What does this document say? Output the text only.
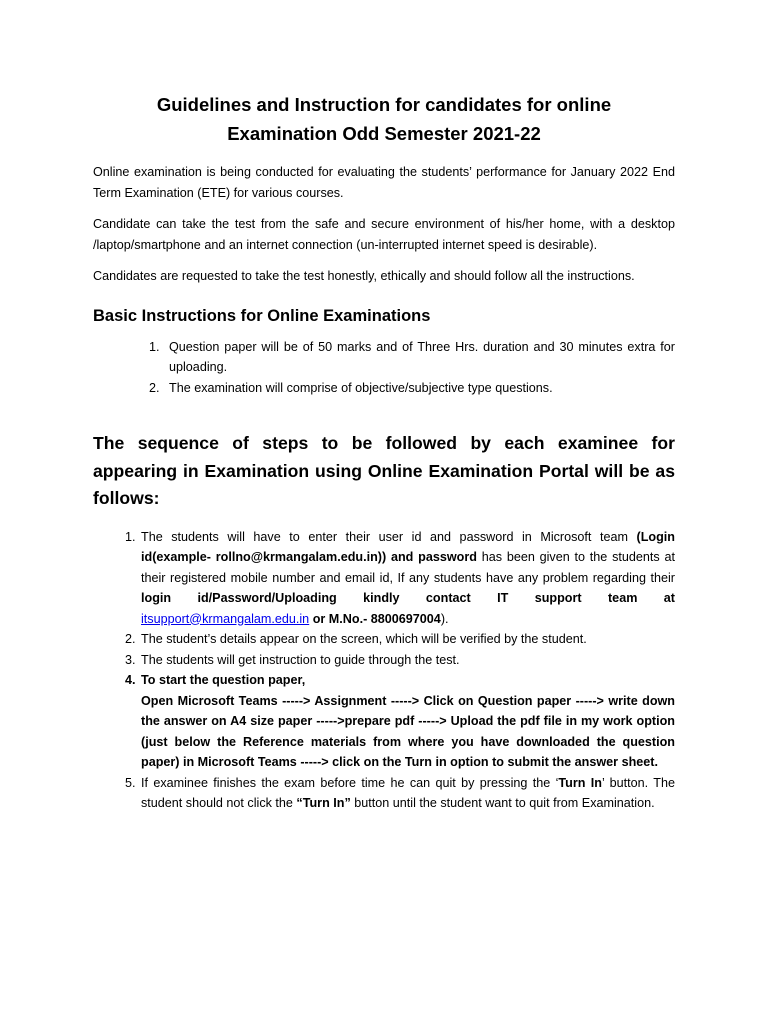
Guidelines and Instruction for candidates for online
Examination Odd Semester 2021-22

Online examination is being conducted for evaluating the students’ performance for January 2022 End Term Examination (ETE) for various courses.

Candidate can take the test from the safe and secure environment of his/her home, with a desktop /laptop/smartphone and an internet connection (un-interrupted internet speed is desirable).

Candidates are requested to take the test honestly, ethically and should follow all the instructions.

Basic Instructions for Online Examinations
1. Question paper will be of 50 marks and of Three Hrs. duration and 30 minutes extra for uploading.
2. The examination will comprise of objective/subjective type questions.
The sequence of steps to be followed by each examinee for appearing in Examination using Online Examination Portal will be as follows:
1. The students will have to enter their user id and password in Microsoft team (Login id(example- rollno@krmangalam.edu.in)) and password has been given to the students at their registered mobile number and email id, If any students have any problem regarding their login id/Password/Uploading kindly contact IT support team at itsupport@krmangalam.edu.in or M.No.- 8800697004).
2. The student’s details appear on the screen, which will be verified by the student.
3. The students will get instruction to guide through the test.
4. To start the question paper,
Open Microsoft Teams -----> Assignment -----> Click on Question paper -----> write down the answer on A4 size paper ----->prepare pdf -----> Upload the pdf file in my work option (just below the Reference materials from where you have downloaded the question paper) in Microsoft Teams -----> click on the Turn in option to submit the answer sheet.
5. If examinee finishes the exam before time he can quit by pressing the ‘Turn In’ button. The student should not click the “Turn In” button until the student want to quit from Examination.
